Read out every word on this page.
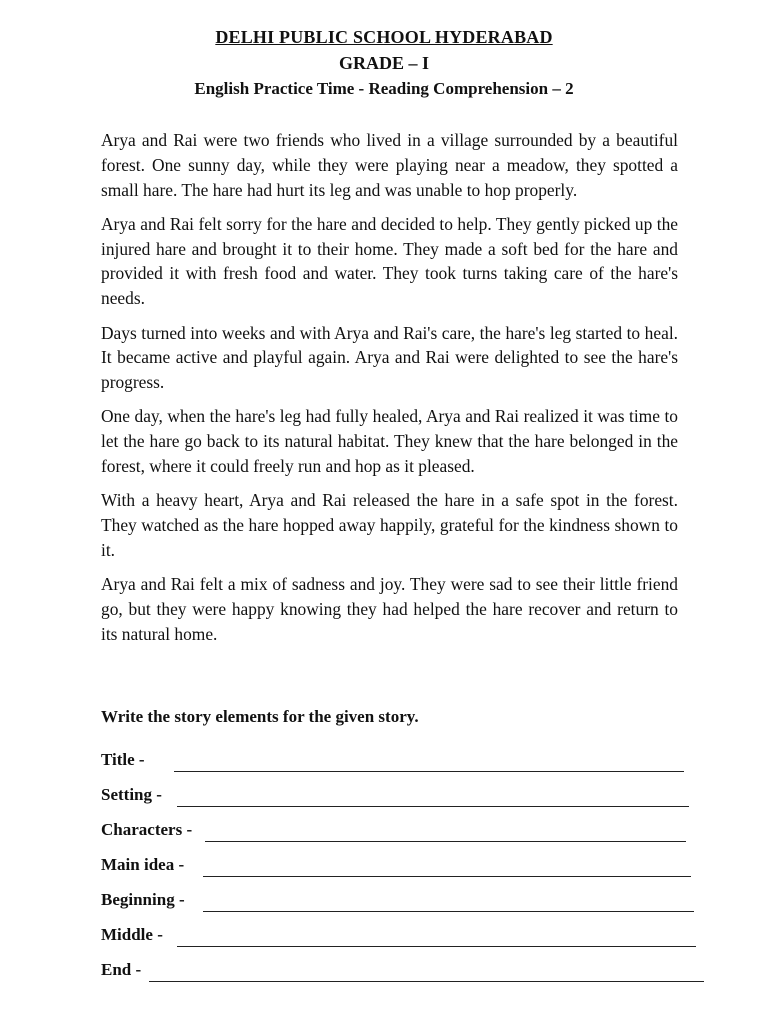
DELHI PUBLIC SCHOOL HYDERABAD
GRADE – I
English Practice Time - Reading Comprehension – 2

Arya and Rai were two friends who lived in a village surrounded by a beautiful forest. One sunny day, while they were playing near a meadow, they spotted a small hare. The hare had hurt its leg and was unable to hop properly.

Arya and Rai felt sorry for the hare and decided to help. They gently picked up the injured hare and brought it to their home. They made a soft bed for the hare and provided it with fresh food and water. They took turns taking care of the hare's needs.

Days turned into weeks and with Arya and Rai's care, the hare's leg started to heal. It became active and playful again. Arya and Rai were delighted to see the hare's progress.

One day, when the hare's leg had fully healed, Arya and Rai realized it was time to let the hare go back to its natural habitat. They knew that the hare belonged in the forest, where it could freely run and hop as it pleased.

With a heavy heart, Arya and Rai released the hare in a safe spot in the forest. They watched as the hare hopped away happily, grateful for the kindness shown to it.

Arya and Rai felt a mix of sadness and joy. They were sad to see their little friend go, but they were happy knowing they had helped the hare recover and return to its natural home.

Write the story elements for the given story.
Title -
Setting -
Characters -
Main idea -
Beginning -
Middle -
End -
